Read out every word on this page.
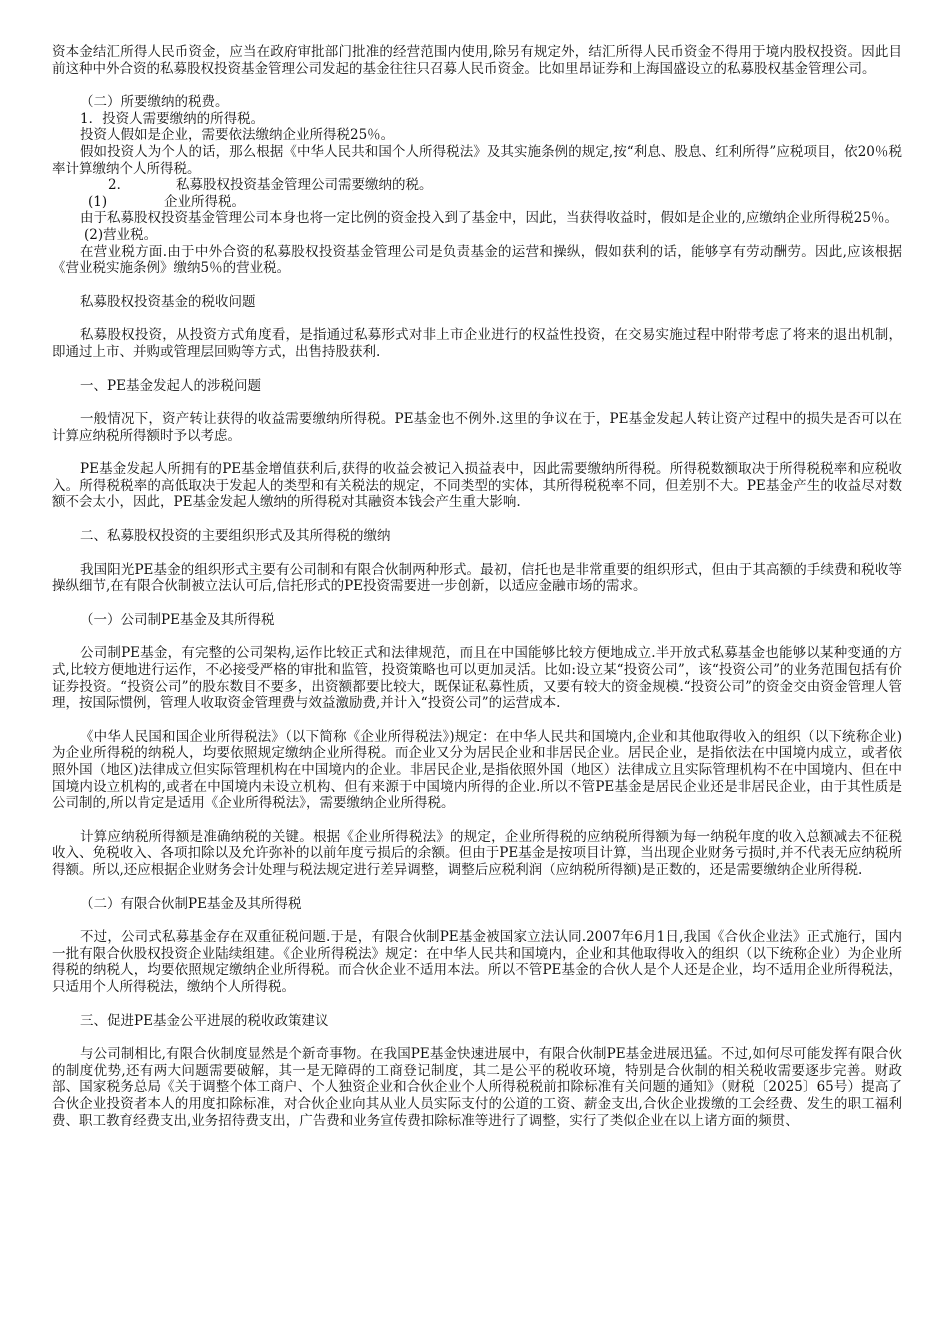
资本金结汇所得人民币资金，应当在政府审批部门批准的经营范围内使用,除另有规定外，结汇所得人民币资金不得用于境内股权投资。因此目前这种中外合资的私募股权投资基金管理公司发起的基金往往只召募人民币资金。比如里昂证券和上海国盛设立的私募股权基金管理公司。

（二）所要缴纳的税费。

1．投资人需要缴纳的所得税。

投资人假如是企业，需要依法缴纳企业所得税25％。

假如投资人为个人的话，那么根据《中华人民共和国个人所得税法》及其实施条例的规定,按“利息、股息、红利所得”应税项目，依20％税率计算缴纳个人所得税。

2．	私募股权投资基金管理公司需要缴纳的税。

(1)	企业所得税。

由于私募股权投资基金管理公司本身也将一定比例的资金投入到了基金中，因此，当获得收益时，假如是企业的,应缴纳企业所得税25％。

(2)营业税。

在营业税方面.由于中外合资的私募股权投资基金管理公司是负责基金的运营和操纵，假如获利的话，能够享有劳动酬劳。因此,应该根据《营业税实施条例》缴纳5％的营业税。

私募股权投资基金的税收问题

私募股权投资，从投资方式角度看，是指通过私募形式对非上市企业进行的权益性投资，在交易实施过程中附带考虑了将来的退出机制，即通过上市、并购或管理层回购等方式，出售持股获利.

一、PE基金发起人的涉税问题

一般情况下，资产转让获得的收益需要缴纳所得税。PE基金也不例外.这里的争议在于，PE基金发起人转让资产过程中的损失是否可以在计算应纳税所得额时予以考虑。

PE基金发起人所拥有的PE基金增值获利后,获得的收益会被记入损益表中，因此需要缴纳所得税。所得税数额取决于所得税税率和应税收入。所得税税率的高低取决于发起人的类型和有关税法的规定，不同类型的实体，其所得税税率不同，但差别不大。PE基金产生的收益尽对数额不会太小，因此，PE基金发起人缴纳的所得税对其融资本钱会产生重大影响.

二、私募股权投资的主要组织形式及其所得税的缴纳

我国阳光PE基金的组织形式主要有公司制和有限合伙制两种形式。最初，信托也是非常重要的组织形式，但由于其高额的手续费和税收等操纵细节,在有限合伙制被立法认可后,信托形式的PE投资需要进一步创新，以适应金融市场的需求。

（一）公司制PE基金及其所得税

公司制PE基金，有完整的公司架构,运作比较正式和法律规范，而且在中国能够比较方便地成立.半开放式私募基金也能够以某种变通的方式,比较方便地进行运作，不必接受严格的审批和监管，投资策略也可以更加灵活。比如:设立某“投资公司”，该“投资公司”的业务范围包括有价证券投资。“投资公司”的股东数目不要多，出资额都要比较大，既保证私募性质，又要有较大的资金规模.“投资公司”的资金交由资金管理人管理，按国际惯例，管理人收取资金管理费与效益激励费,并计入“投资公司”的运营成本.

《中华人民国和国企业所得税法》（以下简称《企业所得税法》)规定：在中华人民共和国境内,企业和其他取得收入的组织（以下统称企业)为企业所得税的纳税人，均要依照规定缴纳企业所得税。而企业又分为居民企业和非居民企业。居民企业，是指依法在中国境内成立，或者依照外国（地区)法律成立但实际管理机构在中国境内的企业。非居民企业,是指依照外国（地区）法律成立且实际管理机构不在中国境内、但在中国境内设立机构的,或者在中国境内未设立机构、但有来源于中国境内所得的企业.所以不管PE基金是居民企业还是非居民企业，由于其性质是公司制的,所以肯定是适用《企业所得税法》，需要缴纳企业所得税。

计算应纳税所得额是准确纳税的关键。根据《企业所得税法》的规定，企业所得税的应纳税所得额为每一纳税年度的收入总额减去不征税收入、免税收入、各项扣除以及允许弥补的以前年度亏损后的余额。但由于PE基金是按项目计算，当出现企业财务亏损时,并不代表无应纳税所得额。所以,还应根据企业财务会计处理与税法规定进行差异调整，调整后应税利润（应纳税所得额)是正数的，还是需要缴纳企业所得税.

（二）有限合伙制PE基金及其所得税

不过，公司式私募基金存在双重征税问题.于是，有限合伙制PE基金被国家立法认同.2007年6月1日,我国《合伙企业法》正式施行，国内一批有限合伙股权投资企业陆续组建。《企业所得税法》规定：在中华人民共和国境内，企业和其他取得收入的组织（以下统称企业）为企业所得税的纳税人，均要依照规定缴纳企业所得税。而合伙企业不适用本法。所以不管PE基金的合伙人是个人还是企业，均不适用企业所得税法，只适用个人所得税法，缴纳个人所得税。

三、促进PE基金公平进展的税收政策建议

与公司制相比,有限合伙制度显然是个新奇事物。在我国PE基金快速进展中，有限合伙制PE基金进展迅猛。不过,如何尽可能发挥有限合伙的制度优势,还有两大问题需要破解，其一是无障碍的工商登记制度，其二是公平的税收环境，特别是合伙制的相关税收需要逐步完善。财政部、国家税务总局《关于调整个体工商户、个人独资企业和合伙企业个人所得税税前扣除标准有关问题的通知》（财税〔2025〕65号）提高了合伙企业投资者本人的用度扣除标准，对合伙企业向其从业人员实际支付的公道的工资、薪金支出,合伙企业拨缴的工会经费、发生的职工福利费、职工教育经费支出,业务招待费支出，广告费和业务宣传费扣除标准等进行了调整，实行了类似企业在以上诸方面的频贯、
